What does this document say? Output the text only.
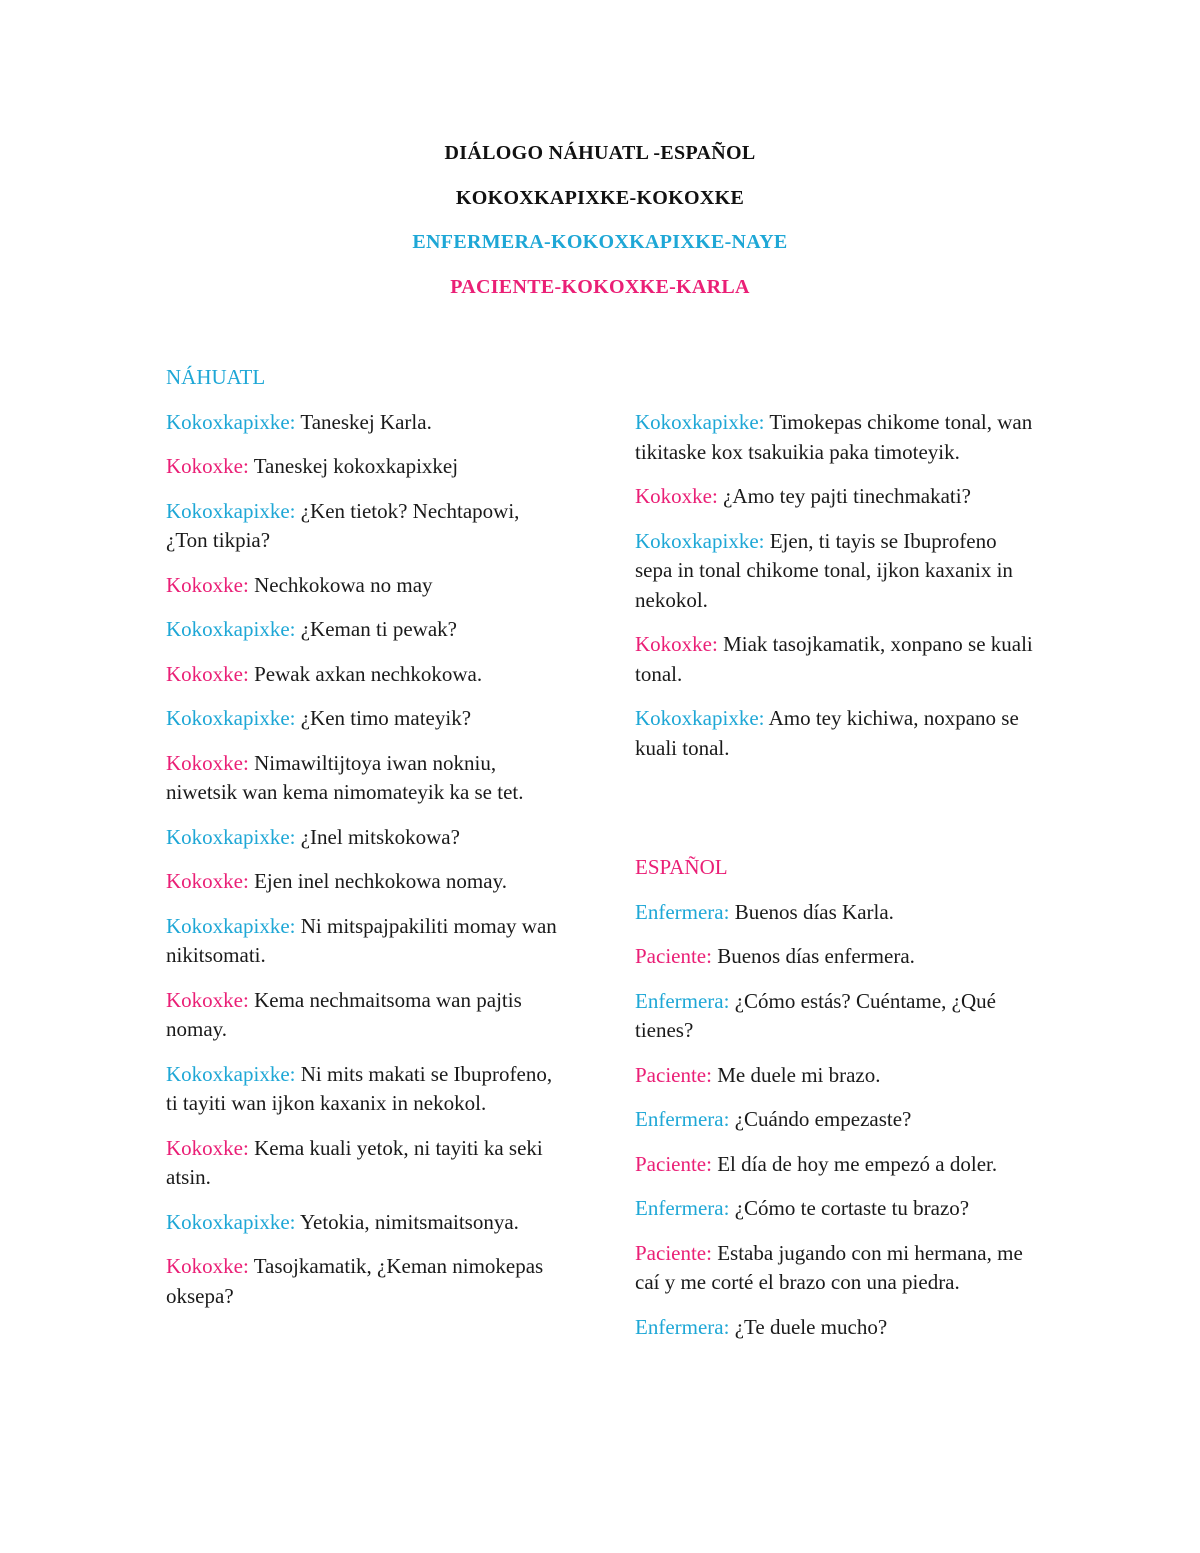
DIÁLOGO NÁHUATL -ESPAÑOL
KOKOXKAPIXKE-KOKOXKE
ENFERMERA-KOKOXKAPIXKE-NAYE
PACIENTE-KOKOXKE-KARLA
NÁHUATL
Kokoxkapixke: Taneskej Karla.
Kokoxke: Taneskej kokoxkapixkej
Kokoxkapixke: ¿Ken tietok? Nechtapowi, ¿Ton tikpia?
Kokoxke: Nechkokowa no may
Kokoxkapixke: ¿Keman ti pewak?
Kokoxke: Pewak axkan nechkokowa.
Kokoxkapixke: ¿Ken timo mateyik?
Kokoxke: Nimawiltijtoya iwan nokniu, niwetsik wan kema nimomateyik ka se tet.
Kokoxkapixke: ¿Inel mitskokowa?
Kokoxke: Ejen inel nechkokowa nomay.
Kokoxkapixke: Ni mitspajpakiliti momay wan nikitsomati.
Kokoxke: Kema nechmaitsoma wan pajtis nomay.
Kokoxkapixke: Ni mits makati se Ibuprofeno, ti tayiti wan ijkon kaxanix in nekokol.
Kokoxke: Kema kuali yetok, ni tayiti ka seki atsin.
Kokoxkapixke: Yetokia, nimitsmaitsonya.
Kokoxke: Tasojkamatik, ¿Keman nimokepas oksepa?
Kokoxkapixke: Timokepas chikome tonal, wan tikitaske kox tsakuikia paka timoteyik.
Kokoxke: ¿Amo tey pajti tinechmakati?
Kokoxkapixke: Ejen, ti tayis se Ibuprofeno sepa in tonal chikome tonal, ijkon kaxanix in nekokol.
Kokoxke: Miak tasojkamatik, xonpano se kuali tonal.
Kokoxkapixke: Amo tey kichiwa, noxpano se kuali tonal.
ESPAÑOL
Enfermera: Buenos días Karla.
Paciente: Buenos días enfermera.
Enfermera: ¿Cómo estás? Cuéntame, ¿Qué tienes?
Paciente: Me duele mi brazo.
Enfermera: ¿Cuándo empezaste?
Paciente: El día de hoy me empezó a doler.
Enfermera: ¿Cómo te cortaste tu brazo?
Paciente: Estaba jugando con mi hermana, me caí y me corté el brazo con una piedra.
Enfermera: ¿Te duele mucho?
